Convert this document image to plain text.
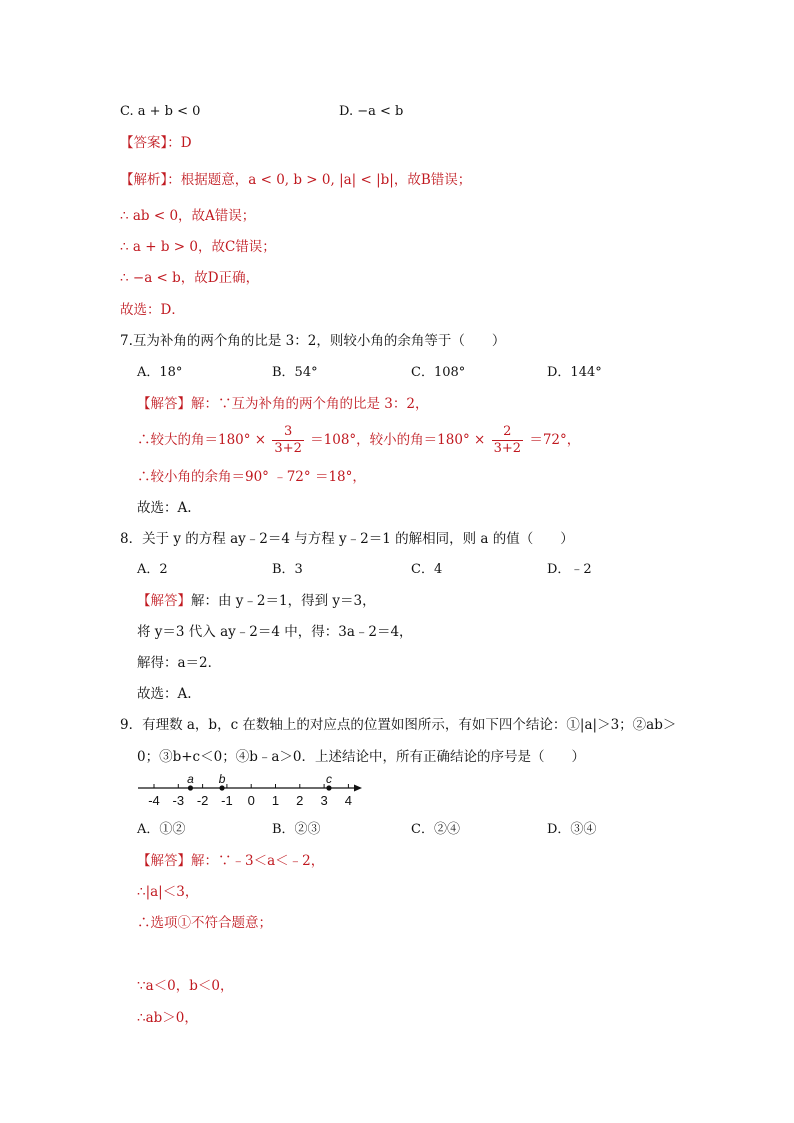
C. a + b < 0	D. −a < b
【答案】：D
【解析】：根据题意，a < 0, b > 0, |a| < |b|，故B错误；
∴ ab < 0，故A错误；
∴ a + b > 0，故C错误；
∴ −a < b，故D正确，
故选：D．
7.互为补角的两个角的比是 3：2，则较小角的余角等于（　　）
A．18°	B．54°	C．108°	D．144°
【解答】解：∵互为补角的两个角的比是 3：2，
∴较大的角$=180^\circ \times \frac{3}{3+2} =108^\circ$，较小的角$=180^\circ \times \frac{2}{3+2} =72^\circ$，
∴较小角的余角＝90° ﹣72° ＝18°，
故选：A.
8．关于 y 的方程 ay﹣2＝4 与方程 y﹣2＝1 的解相同，则 a 的值（　　）
A．2	B．3	C．4	D．﹣2
【解答】解：由 y﹣2＝1，得到 y＝3，
将 y＝3 代入 ay﹣2＝4 中，得：3a﹣2＝4，
解得：a＝2．
故选：A.
9．有理数 a，b，c 在数轴上的对应点的位置如图所示，有如下四个结论：①|a|＞3；②ab＞
0；③b+c＜0；④b﹣a＞0．上述结论中，所有正确结论的序号是（　　）
-4 -3 -2 -1 0 1 2 3 4
a b	c
A．①②	B．②③	C．②④	D．③④
【解答】解：∵﹣3＜a＜﹣2，
∴|a|＜3，
∴选项①不符合题意；
∵a＜0，b＜0，
∴ab＞0，
